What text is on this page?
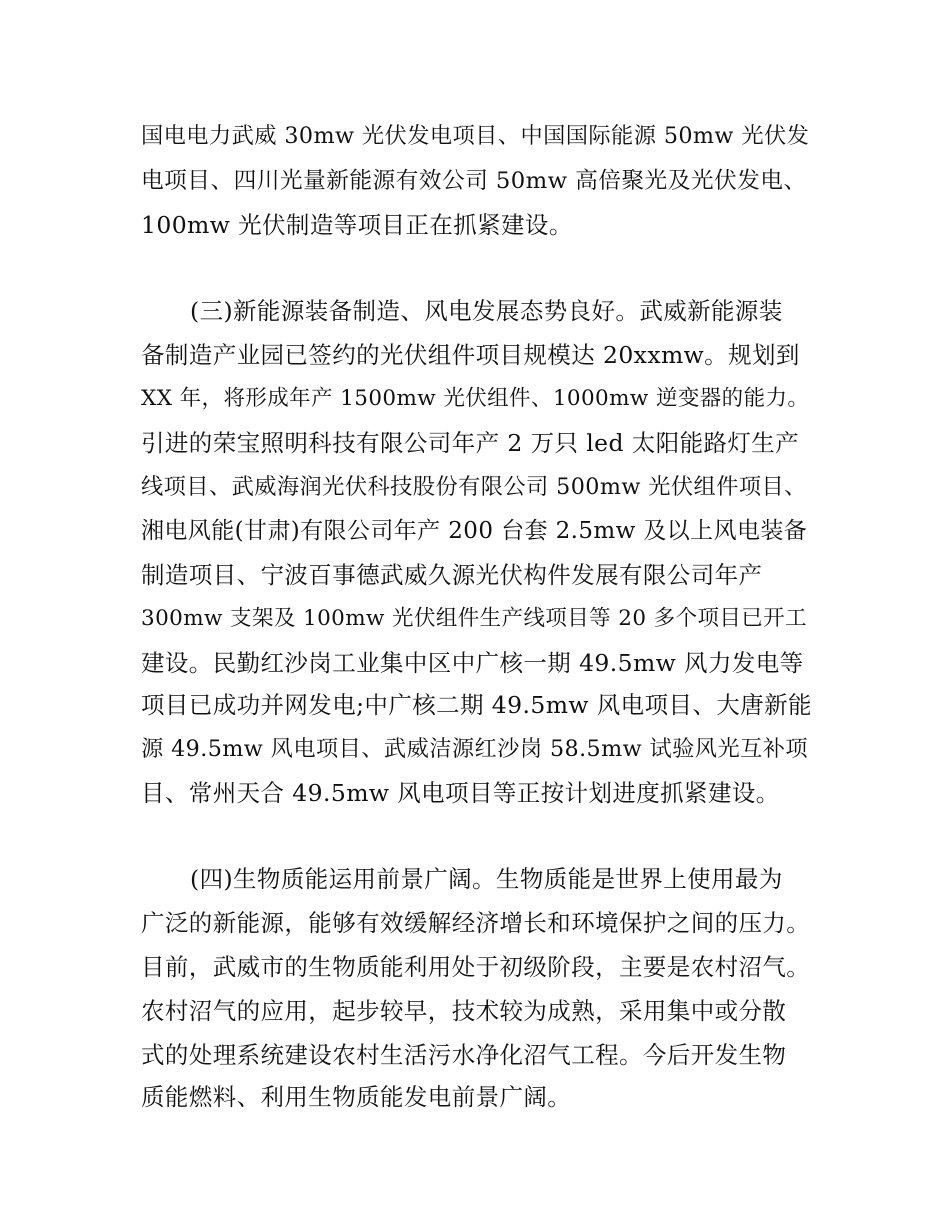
国电电力武威 30mw 光伏发电项目、中国国际能源 50mw 光伏发
电项目、四川光量新能源有效公司 50mw 高倍聚光及光伏发电、
100mw 光伏制造等项目正在抓紧建设。
(三)新能源装备制造、风电发展态势良好。武威新能源装
备制造产业园已签约的光伏组件项目规模达 20xxmw。规划到
XX 年，将形成年产 1500mw 光伏组件、1000mw 逆变器的能力。
引进的荣宝照明科技有限公司年产 2 万只 led 太阳能路灯生产
线项目、武威海润光伏科技股份有限公司 500mw 光伏组件项目、
湘电风能(甘肃)有限公司年产 200 台套 2.5mw 及以上风电装备
制造项目、宁波百事德武威久源光伏构件发展有限公司年产
300mw 支架及 100mw 光伏组件生产线项目等 20 多个项目已开工
建设。民勤红沙岗工业集中区中广核一期 49.5mw 风力发电等
项目已成功并网发电;中广核二期 49.5mw 风电项目、大唐新能
源 49.5mw 风电项目、武威洁源红沙岗 58.5mw 试验风光互补项
目、常州天合 49.5mw 风电项目等正按计划进度抓紧建设。
(四)生物质能运用前景广阔。生物质能是世界上使用最为
广泛的新能源，能够有效缓解经济增长和环境保护之间的压力。
目前，武威市的生物质能利用处于初级阶段，主要是农村沼气。
农村沼气的应用，起步较早，技术较为成熟，采用集中或分散
式的处理系统建设农村生活污水净化沼气工程。今后开发生物
质能燃料、利用生物质能发电前景广阔。
